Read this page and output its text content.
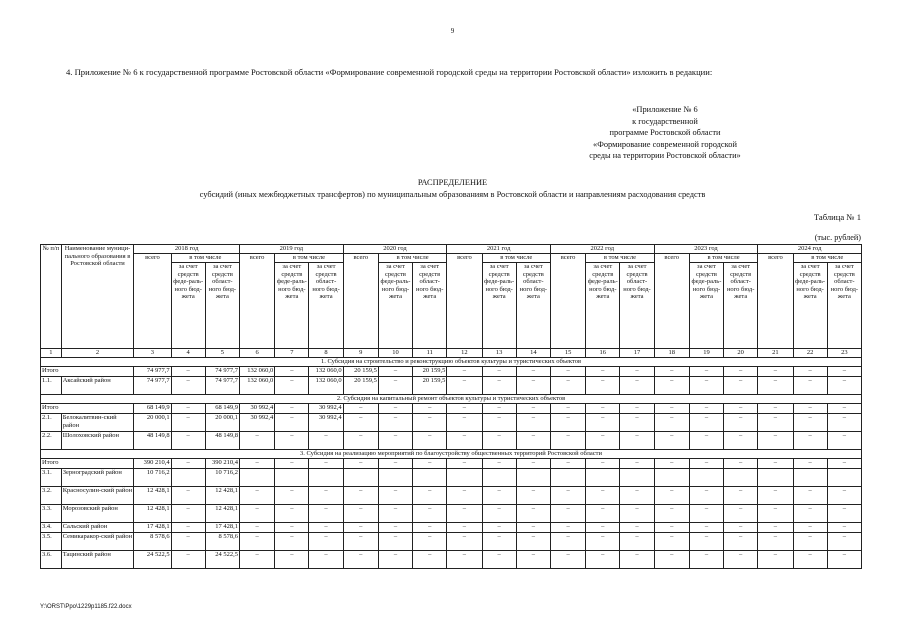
9
4. Приложение № 6 к государственной программе Ростовской области «Формирование современной городской среды на территории Ростовской области» изложить в редакции:
«Приложение № 6
к государственной
программе Ростовской области
«Формирование современной городской
среды на территории Ростовской области»
РАСПРЕДЕЛЕНИЕ
субсидий (иных межбюджетных трансфертов) по муниципальным образованиям в Ростовской области и направлениям расходования средств
Таблица № 1
(тыс. рублей)
№ п/п	Наименование муници-пального образования в Ростовской области	2018 год			2019 год			2020 год			2021 год			2022 год			2023 год			2024 год		
		всего	в том числе		всего	в том числе		всего	в том числе		всего	в том числе		всего	в том числе		всего	в том числе		всего	в том числе	
			за счет средств феде-раль-ного бюд-жета	за счет средств област-ного бюд-жета		за счет средств феде-раль-ного бюд-жета	за счет средств област-ного бюд-жета		за счет средств феде-раль-ного бюд-жета	за счет средств област-ного бюд-жета		за счет средств феде-раль-ного бюд-жета	за счет средств област-ного бюд-жета		за счет средств феде-раль-ного бюд-жета	за счет средств област-ного бюд-жета		за счет средств феде-раль-ного бюд-жета	за счет средств област-ного бюд-жета		за счет средств феде-раль-ного бюд-жета	за счет средств област-ного бюд-жета
1	2	3	4	5	6	7	8	9	10	11	12	13	14	15	16	17	18	19	20	21	22	23
1. Субсидия на строительство и реконструкцию объектов культуры и туристических объектов																						
Итого		74 977,7	–	74 977,7	132 060,0	–	132 060,0	20 159,5	–	20 159,5	–	–	–	–	–	–	–	–	–	–	–	–
1.1.	Аксайский район	74 977,7	–	74 977,7	132 060,0	–	132 060,0	20 159,5	–	20 159,5	–	–	–	–	–	–	–	–	–	–	–	–
2. Субсидия на капитальный ремонт объектов культуры и туристических объектов																						
Итого		68 149,9	–	68 149,9	30 992,4	–	30 992,4	–	–	–	–	–	–	–	–	–	–	–	–	–	–	–
2.1.	Белокалитвин-ский район	20 000,1	–	20 000,1	30 992,4	–	30 992,4	–	–	–	–	–	–	–	–	–	–	–	–	–	–	–
2.2.	Шолоховский район	48 149,8	–	48 149,8	–	–	–	–	–	–	–	–	–	–	–	–	–	–	–	–	–	–
3. Субсидия на реализацию мероприятий по благоустройству общественных территорий Ростовской области																						
Итого		390 210,4	–	390 210,4	–	–	–	–	–	–	–	–	–	–	–	–	–	–	–	–	–	–
3.1.	Зерноградский район	10 716,2		10 716,2																		
3.2.	Красносулин-ский район	12 428,1	–	12 428,1	–	–	–	–	–	–	–	–	–	–	–	–	–	–	–	–	–	–
3.3.	Морозовский район	12 428,1	–	12 428,1	–	–	–	–	–	–	–	–	–	–	–	–	–	–	–	–	–	–
3.4.	Сальский район	17 428,1	–	17 428,1	–	–	–	–	–	–	–	–	–	–	–	–	–	–	–	–	–	–
3.5.	Семикаракор-ский район	8 578,6	–	8 578,6	–	–	–	–	–	–	–	–	–	–	–	–	–	–	–	–	–	–
3.6.	Тацинский район	24 522,5	–	24 522,5	–	–	–	–	–	–	–	–	–	–	–	–	–	–	–	–	–	–
Y:\ORST\Ppo\1229p1185.f22.docx
